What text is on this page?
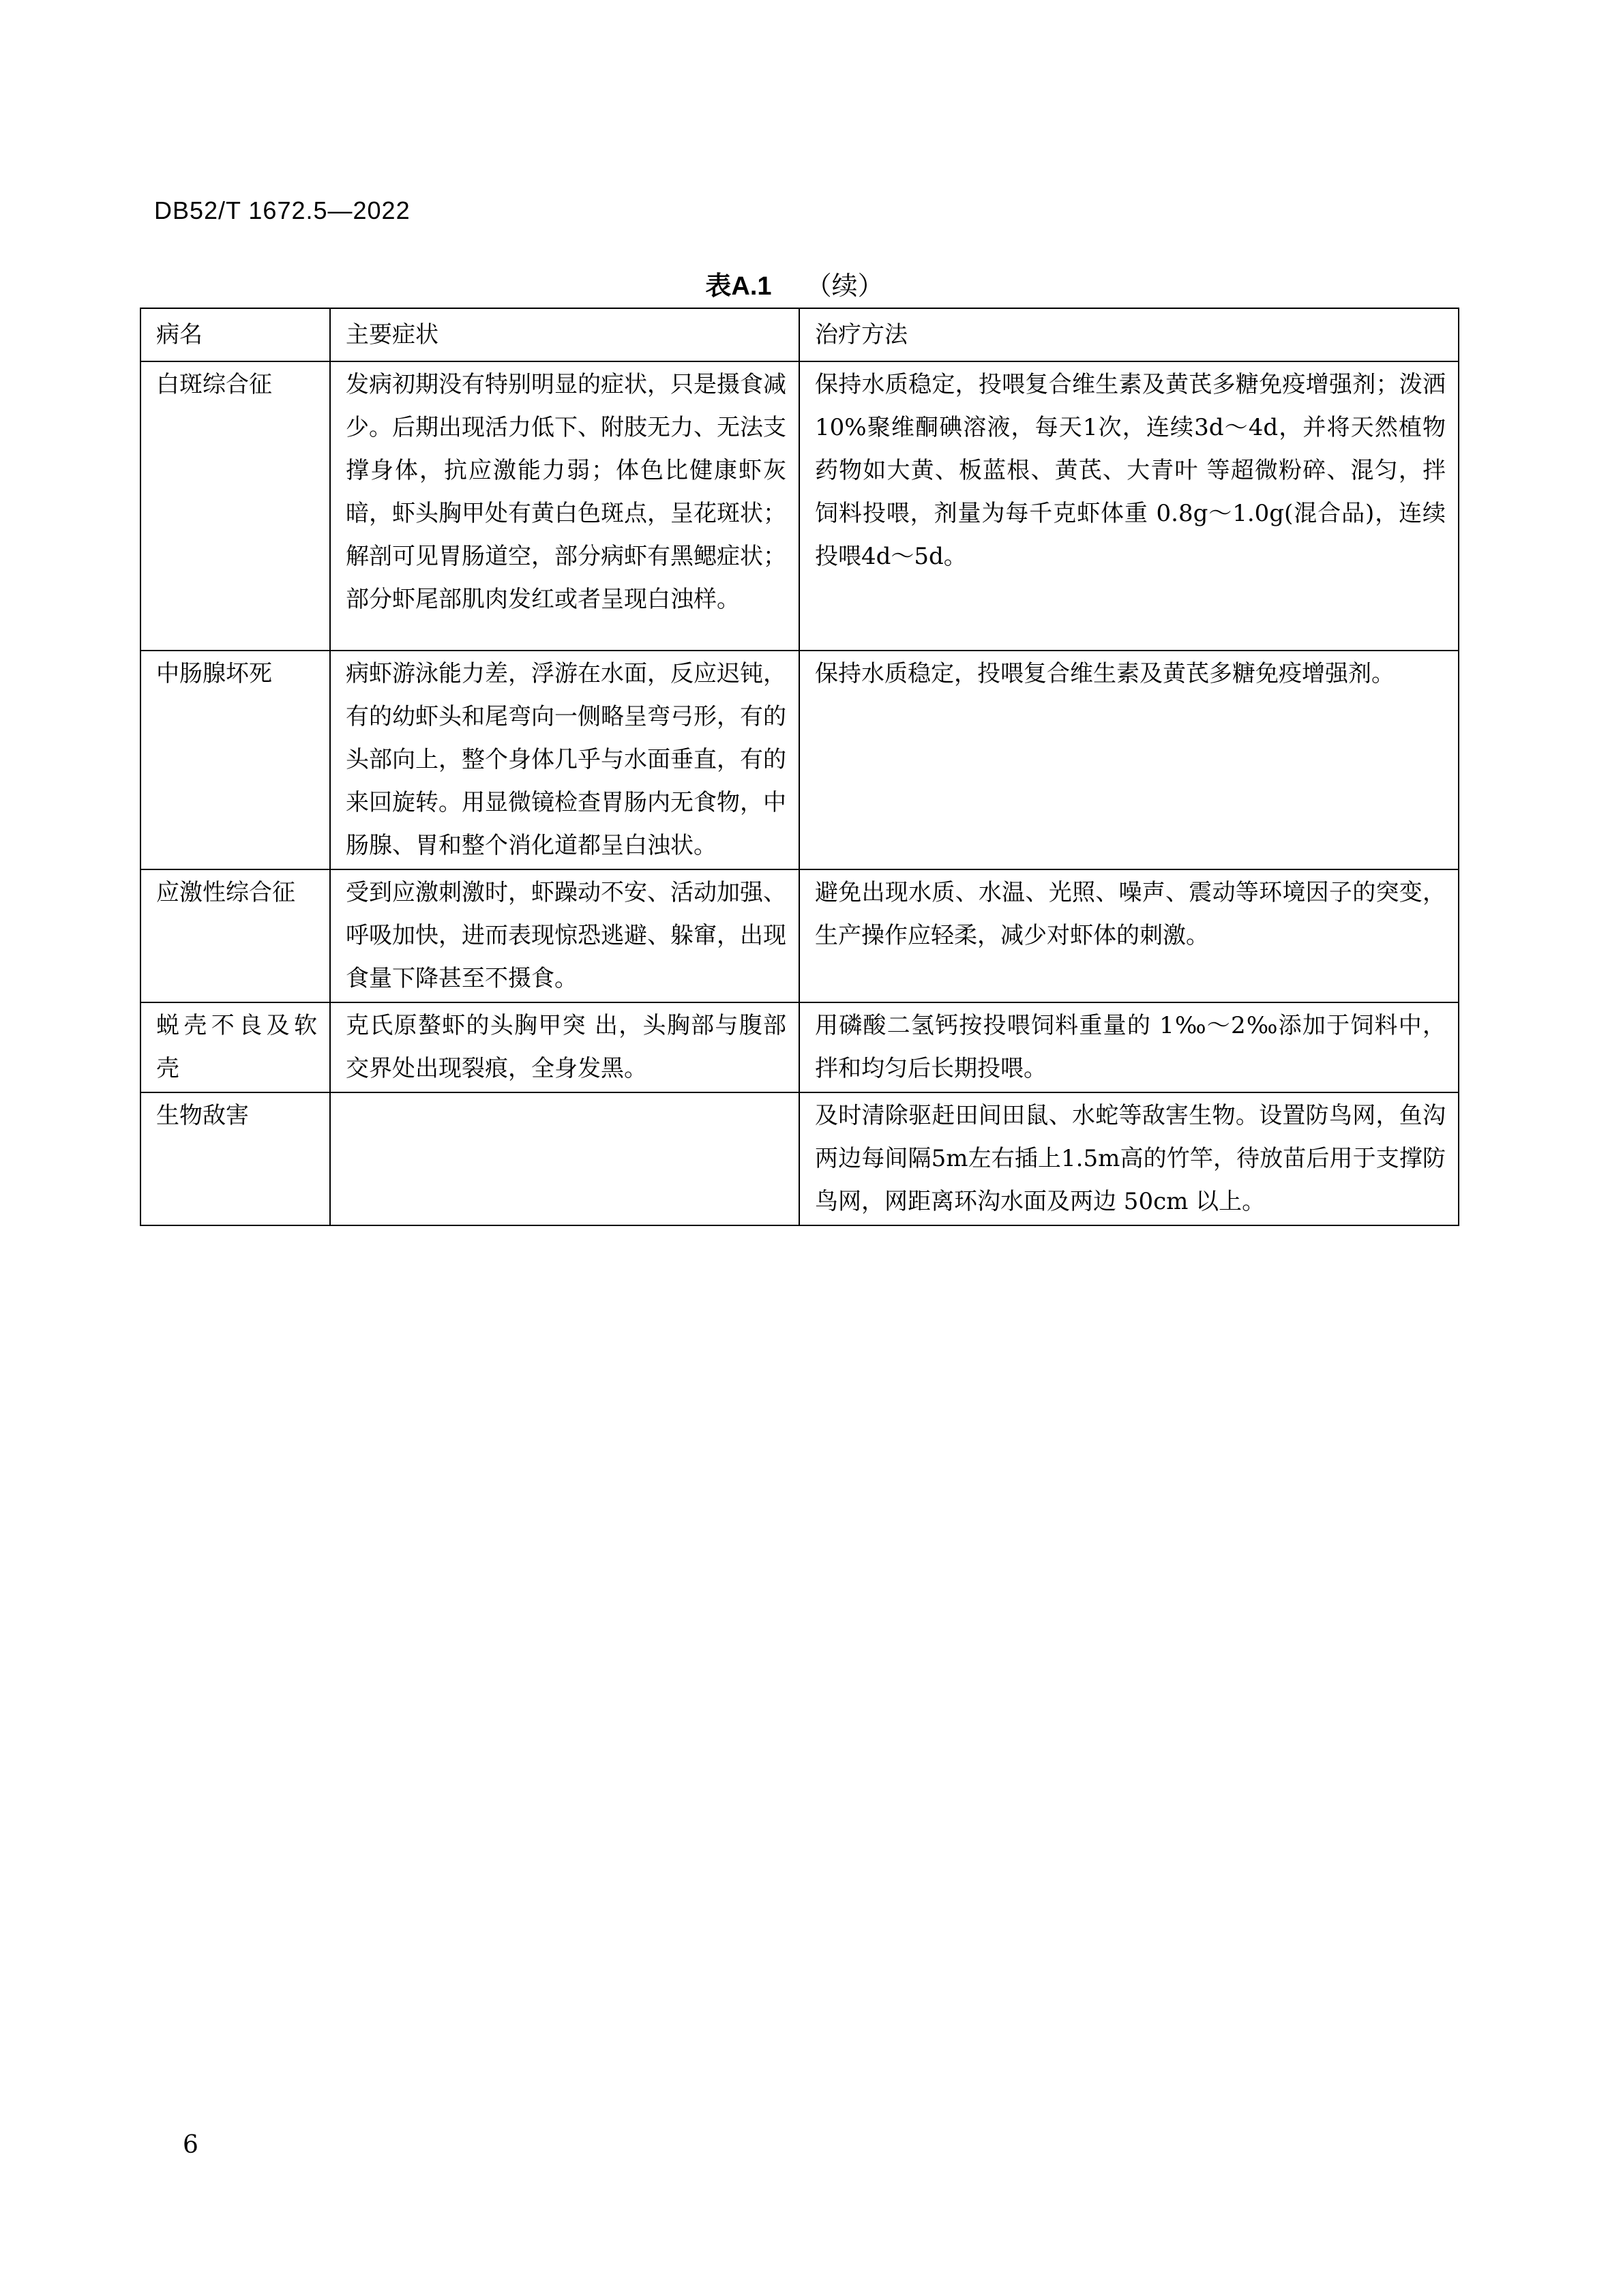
DB52/T 1672.5—2022
表A.1 （续）
病名	主要症状	治疗方法
白斑综合征	发病初期没有特别明显的症状，只是摄食减少。后期出现活力低下、附肢无力、无法支撑身体，抗应激能力弱；体色比健康虾灰暗，虾头胸甲处有黄白色斑点，呈花斑状；解剖可见胃肠道空，部分病虾有黑鳃症状；部分虾尾部肌肉发红或者呈现白浊样。	保持水质稳定，投喂复合维生素及黄芪多糖免疫增强剂；泼洒10%聚维酮碘溶液，每天1次，连续3d～4d，并将天然植物药物如大黄、板蓝根、黄芪、大青叶 等超微粉碎、混匀，拌饲料投喂，剂量为每千克虾体重 0.8g～1.0g(混合品)，连续投喂4d～5d。
中肠腺坏死	病虾游泳能力差，浮游在水面，反应迟钝，有的幼虾头和尾弯向一侧略呈弯弓形，有的头部向上，整个身体几乎与水面垂直，有的来回旋转。用显微镜检查胃肠内无食物，中肠腺、胃和整个消化道都呈白浊状。	保持水质稳定，投喂复合维生素及黄芪多糖免疫增强剂。
应激性综合征	受到应激刺激时，虾躁动不安、活动加强、呼吸加快，进而表现惊恐逃避、躲窜，出现食量下降甚至不摄食。	避免出现水质、水温、光照、噪声、震动等环境因子的突变，生产操作应轻柔，减少对虾体的刺激。
蜕壳不良及软壳	克氏原螯虾的头胸甲突 出，头胸部与腹部交界处出现裂痕，全身发黑。	用磷酸二氢钙按投喂饲料重量的 1‰～2‰添加于饲料中，拌和均匀后长期投喂。
生物敌害		及时清除驱赶田间田鼠、水蛇等敌害生物。设置防鸟网，鱼沟两边每间隔5m左右插上1.5m高的竹竿，待放苗后用于支撑防鸟网，网距离环沟水面及两边 50cm 以上。
6
